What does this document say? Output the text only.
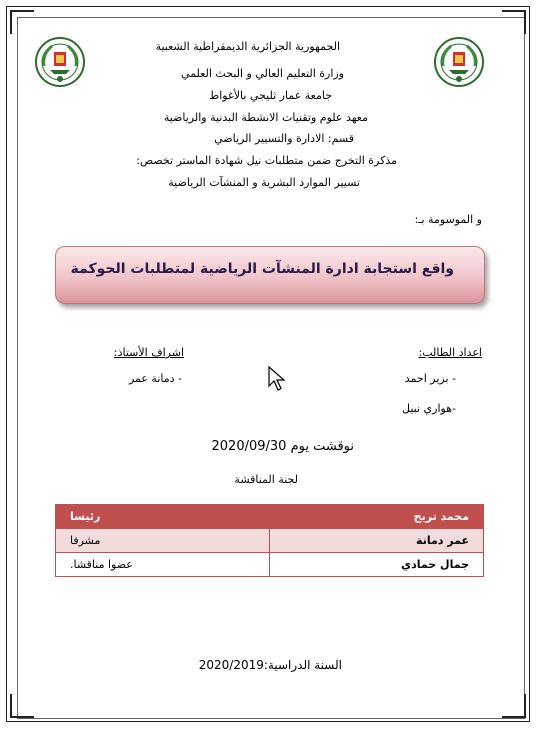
الجمهورية الجزائرية الديمقراطية الشعبية
وزارة التعليم العالي و البحث العلمي
جامعة عمار ثليجي بالأغواط
معهد علوم وتقنيات الانشطة البدنية والرياضية
قسم: الادارة والتسيير الرياضي
مذكرة التخرج ضمن متطلبات نيل شهادة الماستر تخصص:
تسيير الموارد البشرية و المنشآت الرياضية
و الموسومة بـ:
واقع استجابة ادارة المنشآت الرياضية لمتطلبات الحوكمة
اعداد الطالب:
- بزير احمد
-هواري نبيل
اشراف الأستاذ:
- دمانة عمر
نوقشت يوم 2020/09/30
لجنة المناقشة
محمد تريح	رئيسا
عمر دمانة	مشرفا
جمال حمادي	عضوا مناقشا.
السنة الدراسية:2020/2019
